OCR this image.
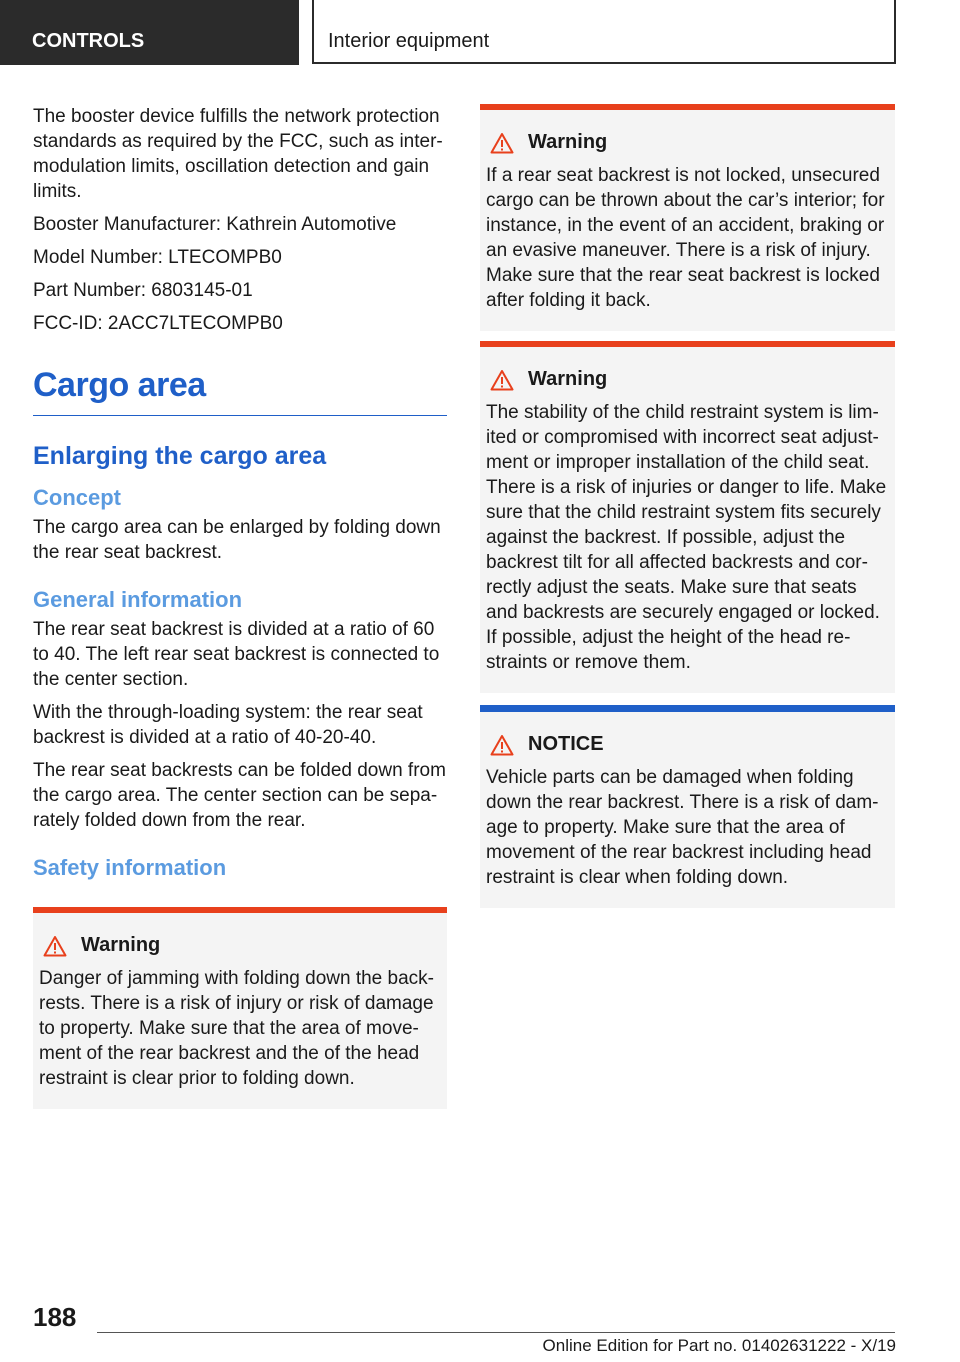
CONTROLS	Interior equipment

The booster device fulfills the network protection standards as required by the FCC, such as inter‐modulation limits, oscillation detection and gain limits.

Booster Manufacturer: Kathrein Automotive

Model Number: LTECOMPB0

Part Number: 6803145-01

FCC-ID: 2ACC7LTECOMPB0

Cargo area
Enlarging the cargo area
Concept

The cargo area can be enlarged by folding down the rear seat backrest.

General information

The rear seat backrest is divided at a ratio of 60 to 40. The left rear seat backrest is connected to the center section.

With the through-loading system: the rear seat backrest is divided at a ratio of 40-20-40.

The rear seat backrests can be folded down from the cargo area. The center section can be sepa‐rately folded down from the rear.

Safety information
Warning

Danger of jamming with folding down the back‐rests. There is a risk of injury or risk of damage to property. Make sure that the area of move‐ment of the rear backrest and the of the head restraint is clear prior to folding down.

Warning

If a rear seat backrest is not locked, unsecured cargo can be thrown about the car’s interior; for instance, in the event of an accident, braking or an evasive maneuver. There is a risk of injury. Make sure that the rear seat backrest is locked after folding it back.

Warning

The stability of the child restraint system is lim‐ited or compromised with incorrect seat adjust‐ment or improper installation of the child seat. There is a risk of injuries or danger to life. Make sure that the child restraint system fits securely against the backrest. If possible, adjust the backrest tilt for all affected backrests and cor‐rectly adjust the seats. Make sure that seats and backrests are securely engaged or locked. If possible, adjust the height of the head re‐straints or remove them.

NOTICE

Vehicle parts can be damaged when folding down the rear backrest. There is a risk of dam‐age to property. Make sure that the area of movement of the rear backrest including head restraint is clear when folding down.

188
Online Edition for Part no. 01402631222 - X/19
